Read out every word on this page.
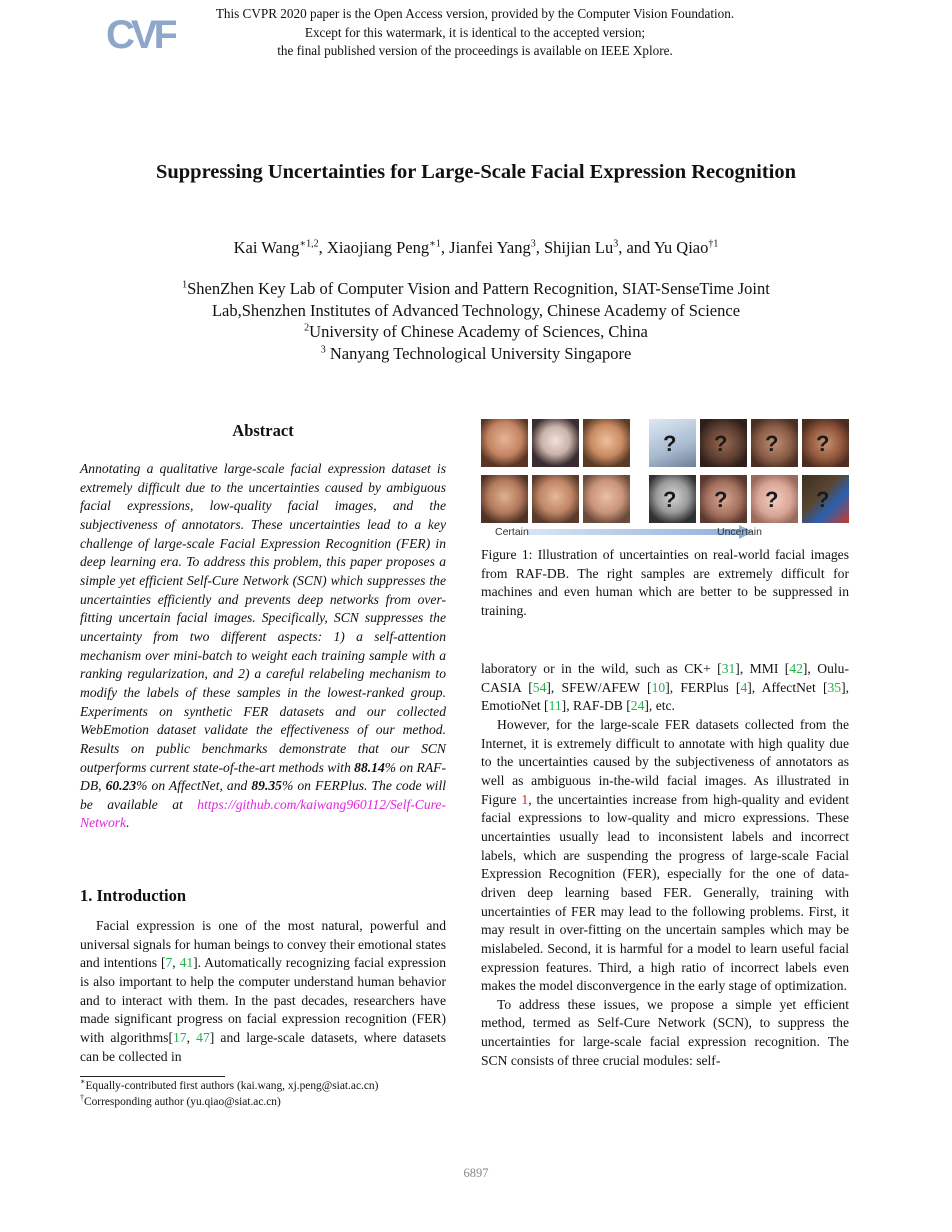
CVF	This CVPR 2020 paper is the Open Access version, provided by the Computer Vision Foundation.
Except for this watermark, it is identical to the accepted version;
the final published version of the proceedings is available on IEEE Xplore.
Suppressing Uncertainties for Large-Scale Facial Expression Recognition
Kai Wang$^{∗1,2}$, Xiaojiang Peng$^{∗1}$, Jianfei Yang$^3$, Shijian Lu$^3$, and Yu Qiao$^{\dagger 1}$
$^1$ShenZhen Key Lab of Computer Vision and Pattern Recognition, SIAT-SenseTime Joint
Lab,Shenzhen Institutes of Advanced Technology, Chinese Academy of Science
$^2$University of Chinese Academy of Sciences, China
$^3$ Nanyang Technological University Singapore
Abstract
Annotating a qualitative large-scale facial expression dataset is extremely difficult due to the uncertainties caused by ambiguous facial expressions, low-quality facial images, and the subjectiveness of annotators. These uncertainties lead to a key challenge of large-scale Facial Expression Recognition (FER) in deep learning era. To address this problem, this paper proposes a simple yet efficient Self-Cure Network (SCN) which suppresses the uncertainties efficiently and prevents deep networks from over-fitting uncertain facial images. Specifically, SCN suppresses the uncertainty from two different aspects: 1) a self-attention mechanism over mini-batch to weight each training sample with a ranking regularization, and 2) a careful relabeling mechanism to modify the labels of these samples in the lowest-ranked group. Experiments on synthetic FER datasets and our collected WebEmotion dataset validate the effectiveness of our method. Results on public benchmarks demonstrate that our SCN outperforms current state-of-the-art methods with 88.14% on RAF-DB, 60.23% on AffectNet, and 89.35% on FERPlus. The code will be available at https://github.com/kaiwang960112/Self-Cure-Network.
1. Introduction
Facial expression is one of the most natural, powerful and universal signals for human beings to convey their emotional states and intentions [7, 41]. Automatically recognizing facial expression is also important to help the computer understand human behavior and to interact with them. In the past decades, researchers have made significant progress on facial expression recognition (FER) with algorithms[17, 47] and large-scale datasets, where datasets can be collected in
∗Equally-contributed first authors (kai.wang, xj.peng@siat.ac.cn)
†Corresponding author (yu.qiao@siat.ac.cn)
? ? ? ?
? ? ? ?
Certain	Uncertain
Figure 1: Illustration of uncertainties on real-world facial images from RAF-DB. The right samples are extremely difficult for machines and even human which are better to be suppressed in training.

laboratory or in the wild, such as CK+ [31], MMI [42], Oulu-CASIA [54], SFEW/AFEW [10], FERPlus [4], AffectNet [35], EmotioNet [11], RAF-DB [24], etc.

However, for the large-scale FER datasets collected from the Internet, it is extremely difficult to annotate with high quality due to the uncertainties caused by the subjectiveness of annotators as well as ambiguous in-the-wild facial images. As illustrated in Figure 1, the uncertainties increase from high-quality and evident facial expressions to low-quality and micro expressions. These uncertainties usually lead to inconsistent labels and incorrect labels, which are suspending the progress of large-scale Facial Expression Recognition (FER), especially for the one of data-driven deep learning based FER. Generally, training with uncertainties of FER may lead to the following problems. First, it may result in over-fitting on the uncertain samples which may be mislabeled. Second, it is harmful for a model to learn useful facial expression features. Third, a high ratio of incorrect labels even makes the model disconvergence in the early stage of optimization.

To address these issues, we propose a simple yet efficient method, termed as Self-Cure Network (SCN), to suppress the uncertainties for large-scale facial expression recognition. The SCN consists of three crucial modules: self-

6897
